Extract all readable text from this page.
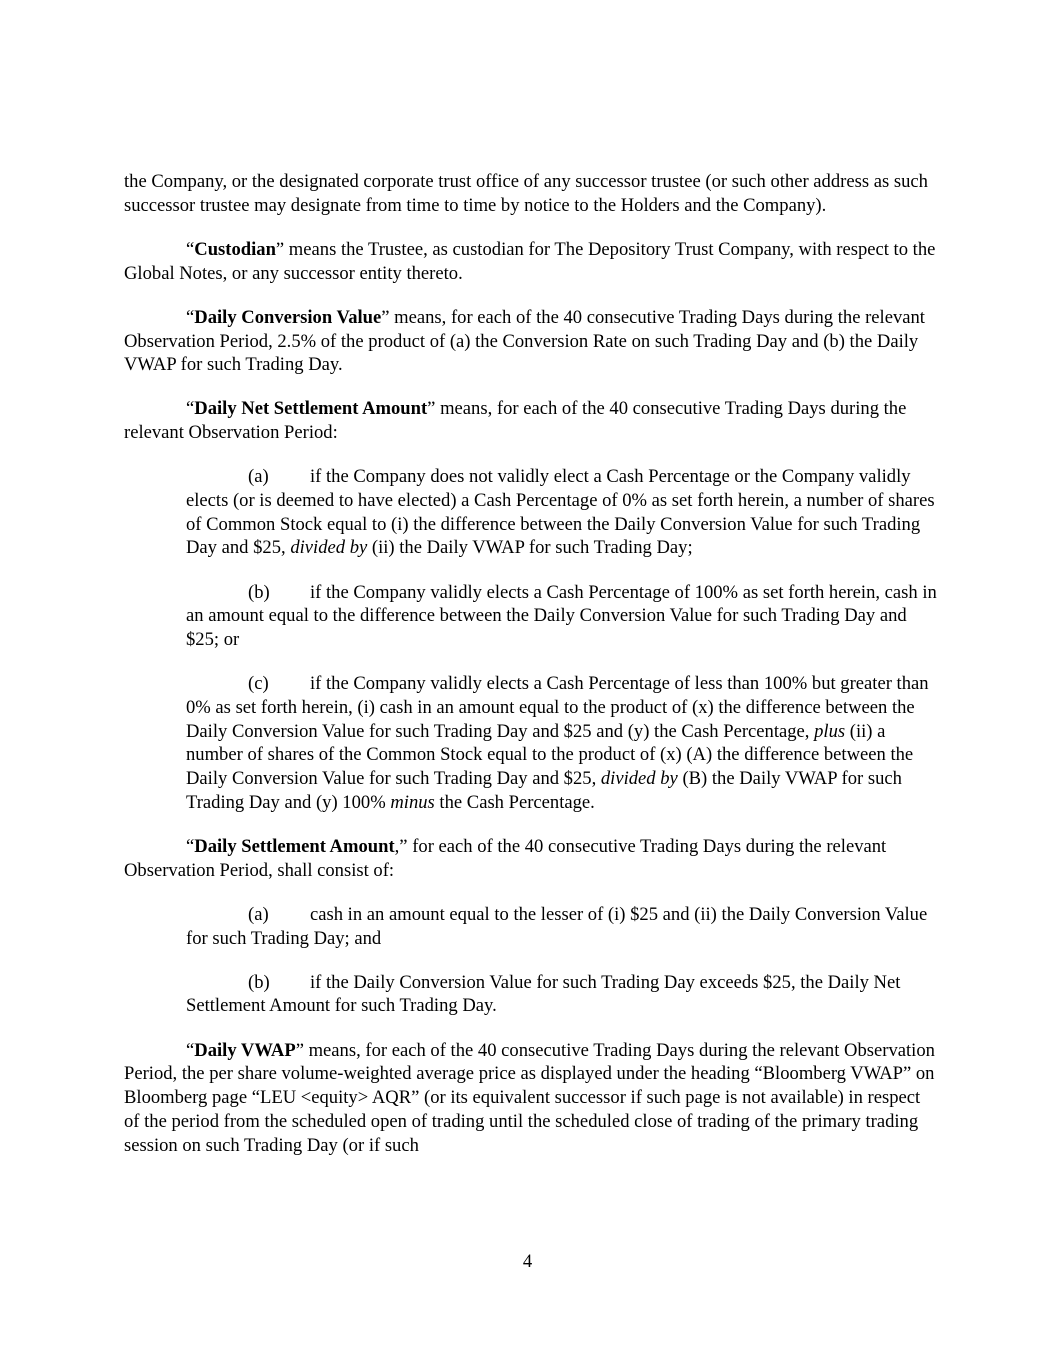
the Company, or the designated corporate trust office of any successor trustee (or such other address as such successor trustee may designate from time to time by notice to the Holders and the Company).

“Custodian” means the Trustee, as custodian for The Depository Trust Company, with respect to the Global Notes, or any successor entity thereto.

“Daily Conversion Value” means, for each of the 40 consecutive Trading Days during the relevant Observation Period, 2.5% of the product of (a) the Conversion Rate on such Trading Day and (b) the Daily VWAP for such Trading Day.

“Daily Net Settlement Amount” means, for each of the 40 consecutive Trading Days during the relevant Observation Period:

(a) if the Company does not validly elect a Cash Percentage or the Company validly elects (or is deemed to have elected) a Cash Percentage of 0% as set forth herein, a number of shares of Common Stock equal to (i) the difference between the Daily Conversion Value for such Trading Day and $25, divided by (ii) the Daily VWAP for such Trading Day;

(b) if the Company validly elects a Cash Percentage of 100% as set forth herein, cash in an amount equal to the difference between the Daily Conversion Value for such Trading Day and $25; or

(c) if the Company validly elects a Cash Percentage of less than 100% but greater than 0% as set forth herein, (i) cash in an amount equal to the product of (x) the difference between the Daily Conversion Value for such Trading Day and $25 and (y) the Cash Percentage, plus (ii) a number of shares of the Common Stock equal to the product of (x) (A) the difference between the Daily Conversion Value for such Trading Day and $25, divided by (B) the Daily VWAP for such Trading Day and (y) 100% minus the Cash Percentage.

“Daily Settlement Amount,” for each of the 40 consecutive Trading Days during the relevant Observation Period, shall consist of:

(a) cash in an amount equal to the lesser of (i) $25 and (ii) the Daily Conversion Value for such Trading Day; and

(b) if the Daily Conversion Value for such Trading Day exceeds $25, the Daily Net Settlement Amount for such Trading Day.

“Daily VWAP” means, for each of the 40 consecutive Trading Days during the relevant Observation Period, the per share volume-weighted average price as displayed under the heading “Bloomberg VWAP” on Bloomberg page “LEU <equity> AQR” (or its equivalent successor if such page is not available) in respect of the period from the scheduled open of trading until the scheduled close of trading of the primary trading session on such Trading Day (or if such

4
